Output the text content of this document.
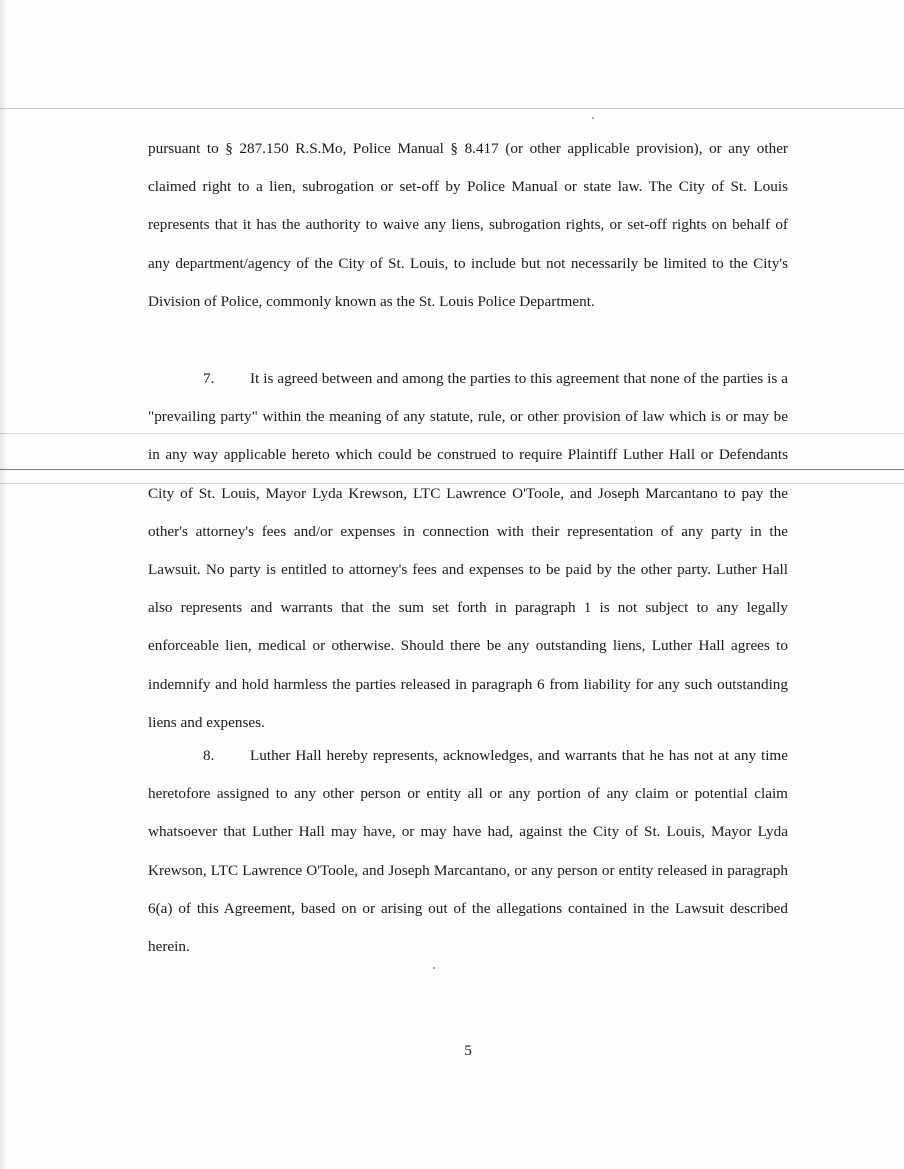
pursuant to § 287.150 R.S.Mo, Police Manual § 8.417 (or other applicable provision), or any other claimed right to a lien, subrogation or set-off by Police Manual or state law. The City of St. Louis represents that it has the authority to waive any liens, subrogation rights, or set-off rights on behalf of any department/agency of the City of St. Louis, to include but not necessarily be limited to the City's Division of Police, commonly known as the St. Louis Police Department.

7. It is agreed between and among the parties to this agreement that none of the parties is a "prevailing party" within the meaning of any statute, rule, or other provision of law which is or may be in any way applicable hereto which could be construed to require Plaintiff Luther Hall or Defendants City of St. Louis, Mayor Lyda Krewson, LTC Lawrence O'Toole, and Joseph Marcantano to pay the other's attorney's fees and/or expenses in connection with their representation of any party in the Lawsuit. No party is entitled to attorney's fees and expenses to be paid by the other party. Luther Hall also represents and warrants that the sum set forth in paragraph 1 is not subject to any legally enforceable lien, medical or otherwise. Should there be any outstanding liens, Luther Hall agrees to indemnify and hold harmless the parties released in paragraph 6 from liability for any such outstanding liens and expenses.

8. Luther Hall hereby represents, acknowledges, and warrants that he has not at any time heretofore assigned to any other person or entity all or any portion of any claim or potential claim whatsoever that Luther Hall may have, or may have had, against the City of St. Louis, Mayor Lyda Krewson, LTC Lawrence O'Toole, and Joseph Marcantano, or any person or entity released in paragraph 6(a) of this Agreement, based on or arising out of the allegations contained in the Lawsuit described herein.

5
